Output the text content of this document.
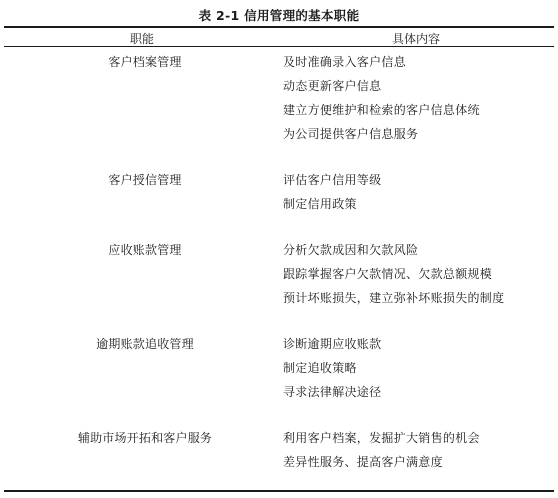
表 2-1 信用管理的基本职能
职能	具体内容
客户档案管理	及时准确录入客户信息
动态更新客户信息
建立方便维护和检索的客户信息体统
为公司提供客户信息服务
客户授信管理	评估客户信用等级
制定信用政策
应收账款管理	分析欠款成因和欠款风险
跟踪掌握客户欠款情况、欠款总额规模
预计坏账损失，建立弥补坏账损失的制度
逾期账款追收管理	诊断逾期应收账款
制定追收策略
寻求法律解决途径
辅助市场开拓和客户服务	利用客户档案，发掘扩大销售的机会
差异性服务、提高客户满意度
